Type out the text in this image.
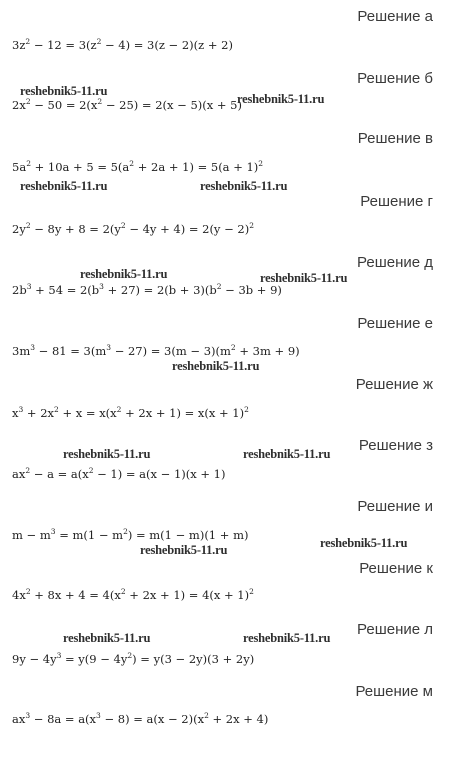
Решение а
$3z^2 - 12 = 3(z^2 - 4) = 3(z - 2)(z + 2)$
Решение б
$2x^2 - 50 = 2(x^2 - 25) = 2(x - 5)(x + 5)$
Решение в
$5a^2 + 10a + 5 = 5(a^2 + 2a + 1) = 5(a + 1)^2$
Решение г
$2y^2 - 8y + 8 = 2(y^2 - 4y + 4) = 2(y - 2)^2$
Решение д
$2b^3 + 54 = 2(b^3 + 27) = 2(b + 3)(b^2 - 3b + 9)$
Решение е
$3m^3 - 81 = 3(m^3 - 27) = 3(m - 3)(m^2 + 3m + 9)$
Решение ж
$x^3 + 2x^2 + x = x(x^2 + 2x + 1) = x(x + 1)^2$
Решение з
$ax^2 - a = a(x^2 - 1) = a(x - 1)(x + 1)$
Решение и
$m - m^3 = m(1 - m^2) = m(1 - m)(1 + m)$
Решение к
$4x^2 + 8x + 4 = 4(x^2 + 2x + 1) = 4(x + 1)^2$
Решение л
$9y - 4y^3 = y(9 - 4y^2) = y(3 - 2y)(3 + 2y)$
Решение м
$ax^3 - 8a = a(x^3 - 8) = a(x - 2)(x^2 + 2x + 4)$
reshebnik5-11.ru
reshebnik5-11.ru
reshebnik5-11.ru	reshebnik5-11.ru
reshebnik5-11.ru	reshebnik5-11.ru
reshebnik5-11.ru
reshebnik5-11.ru	reshebnik5-11.ru
reshebnik5-11.ru
reshebnik5-11.ru
reshebnik5-11.ru	reshebnik5-11.ru
